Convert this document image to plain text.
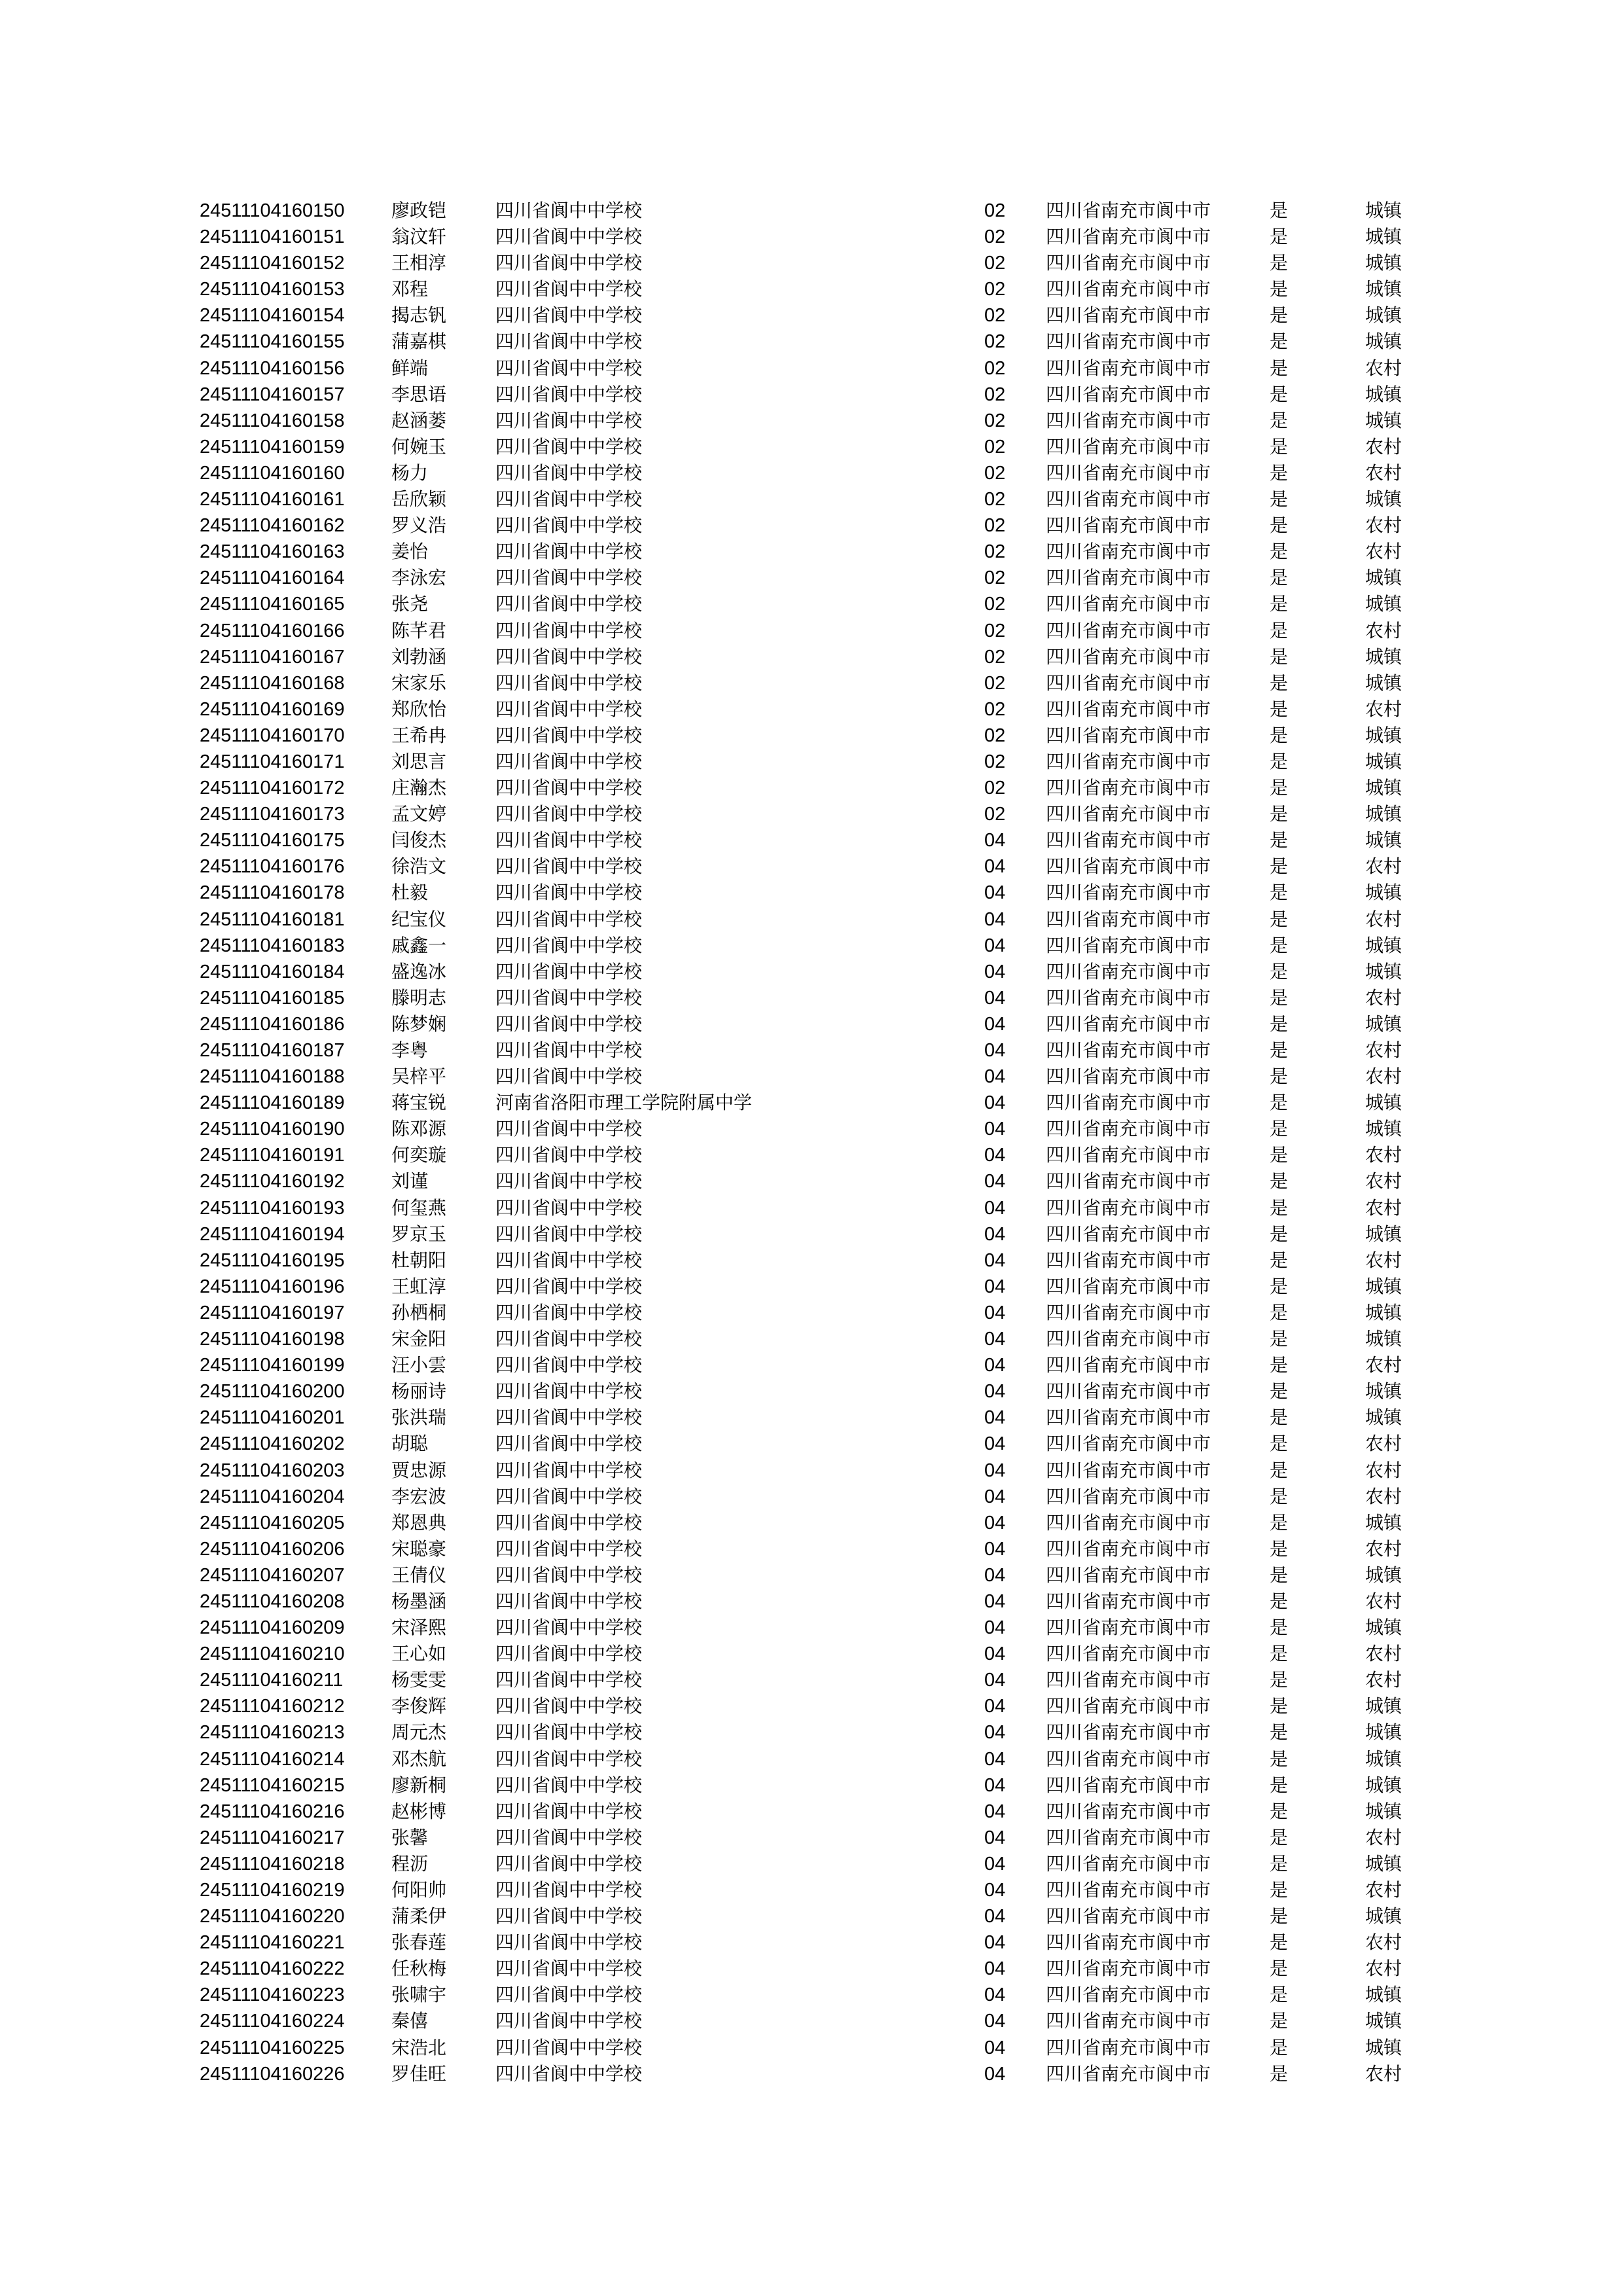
24511104160150	廖政铠	四川省阆中中学校	02 四川省南充市阆中市	是	城镇
24511104160151	翁汶轩	四川省阆中中学校	02 四川省南充市阆中市	是	城镇
24511104160152	王相淳	四川省阆中中学校	02 四川省南充市阆中市	是	城镇
24511104160153	邓程	四川省阆中中学校	02 四川省南充市阆中市	是	城镇
24511104160154	揭志钒	四川省阆中中学校	02 四川省南充市阆中市	是	城镇
24511104160155	蒲嘉棋	四川省阆中中学校	02 四川省南充市阆中市	是	城镇
24511104160156	鲜端	四川省阆中中学校	02 四川省南充市阆中市	是	农村
24511104160157	李思语	四川省阆中中学校	02 四川省南充市阆中市	是	城镇
24511104160158	赵涵蒌	四川省阆中中学校	02 四川省南充市阆中市	是	城镇
24511104160159	何婉玉	四川省阆中中学校	02 四川省南充市阆中市	是	农村
24511104160160	杨力	四川省阆中中学校	02 四川省南充市阆中市	是	农村
24511104160161	岳欣颖	四川省阆中中学校	02 四川省南充市阆中市	是	城镇
24511104160162	罗义浩	四川省阆中中学校	02 四川省南充市阆中市	是	农村
24511104160163	姜怡	四川省阆中中学校	02 四川省南充市阆中市	是	农村
24511104160164	李泳宏	四川省阆中中学校	02 四川省南充市阆中市	是	城镇
24511104160165	张尧	四川省阆中中学校	02 四川省南充市阆中市	是	城镇
24511104160166	陈芊君	四川省阆中中学校	02 四川省南充市阆中市	是	农村
24511104160167	刘勃涵	四川省阆中中学校	02 四川省南充市阆中市	是	城镇
24511104160168	宋家乐	四川省阆中中学校	02 四川省南充市阆中市	是	城镇
24511104160169	郑欣怡	四川省阆中中学校	02 四川省南充市阆中市	是	农村
24511104160170	王希冉	四川省阆中中学校	02 四川省南充市阆中市	是	城镇
24511104160171	刘思言	四川省阆中中学校	02 四川省南充市阆中市	是	城镇
24511104160172	庄瀚杰	四川省阆中中学校	02 四川省南充市阆中市	是	城镇
24511104160173	孟文婷	四川省阆中中学校	02 四川省南充市阆中市	是	城镇
24511104160175	闫俊杰	四川省阆中中学校	04 四川省南充市阆中市	是	城镇
24511104160176	徐浩文	四川省阆中中学校	04 四川省南充市阆中市	是	农村
24511104160178	杜毅	四川省阆中中学校	04 四川省南充市阆中市	是	城镇
24511104160181	纪宝仪	四川省阆中中学校	04 四川省南充市阆中市	是	农村
24511104160183	戚鑫一	四川省阆中中学校	04 四川省南充市阆中市	是	城镇
24511104160184	盛逸冰	四川省阆中中学校	04 四川省南充市阆中市	是	城镇
24511104160185	滕明志	四川省阆中中学校	04 四川省南充市阆中市	是	农村
24511104160186	陈梦娴	四川省阆中中学校	04 四川省南充市阆中市	是	城镇
24511104160187	李粤	四川省阆中中学校	04 四川省南充市阆中市	是	农村
24511104160188	吴梓平	四川省阆中中学校	04 四川省南充市阆中市	是	农村
24511104160189	蒋宝锐	河南省洛阳市理工学院附属中学	04 四川省南充市阆中市	是	城镇
24511104160190	陈邓源	四川省阆中中学校	04 四川省南充市阆中市	是	城镇
24511104160191	何奕璇	四川省阆中中学校	04 四川省南充市阆中市	是	农村
24511104160192	刘谨	四川省阆中中学校	04 四川省南充市阆中市	是	农村
24511104160193	何玺燕	四川省阆中中学校	04 四川省南充市阆中市	是	农村
24511104160194	罗京玉	四川省阆中中学校	04 四川省南充市阆中市	是	城镇
24511104160195	杜朝阳	四川省阆中中学校	04 四川省南充市阆中市	是	农村
24511104160196	王虹淳	四川省阆中中学校	04 四川省南充市阆中市	是	城镇
24511104160197	孙栖桐	四川省阆中中学校	04 四川省南充市阆中市	是	城镇
24511104160198	宋金阳	四川省阆中中学校	04 四川省南充市阆中市	是	城镇
24511104160199	汪小雲	四川省阆中中学校	04 四川省南充市阆中市	是	农村
24511104160200	杨丽诗	四川省阆中中学校	04 四川省南充市阆中市	是	城镇
24511104160201	张洪瑞	四川省阆中中学校	04 四川省南充市阆中市	是	城镇
24511104160202	胡聪	四川省阆中中学校	04 四川省南充市阆中市	是	农村
24511104160203	贾忠源	四川省阆中中学校	04 四川省南充市阆中市	是	农村
24511104160204	李宏波	四川省阆中中学校	04 四川省南充市阆中市	是	农村
24511104160205	郑恩典	四川省阆中中学校	04 四川省南充市阆中市	是	城镇
24511104160206	宋聪豪	四川省阆中中学校	04 四川省南充市阆中市	是	农村
24511104160207	王倩仪	四川省阆中中学校	04 四川省南充市阆中市	是	城镇
24511104160208	杨墨涵	四川省阆中中学校	04 四川省南充市阆中市	是	农村
24511104160209	宋泽熙	四川省阆中中学校	04 四川省南充市阆中市	是	城镇
24511104160210	王心如	四川省阆中中学校	04 四川省南充市阆中市	是	农村
24511104160211	杨雯雯	四川省阆中中学校	04 四川省南充市阆中市	是	农村
24511104160212	李俊辉	四川省阆中中学校	04 四川省南充市阆中市	是	城镇
24511104160213	周元杰	四川省阆中中学校	04 四川省南充市阆中市	是	城镇
24511104160214	邓杰航	四川省阆中中学校	04 四川省南充市阆中市	是	城镇
24511104160215	廖新桐	四川省阆中中学校	04 四川省南充市阆中市	是	城镇
24511104160216	赵彬博	四川省阆中中学校	04 四川省南充市阆中市	是	城镇
24511104160217	张馨	四川省阆中中学校	04 四川省南充市阆中市	是	农村
24511104160218	程沥	四川省阆中中学校	04 四川省南充市阆中市	是	城镇
24511104160219	何阳帅	四川省阆中中学校	04 四川省南充市阆中市	是	农村
24511104160220	蒲柔伊	四川省阆中中学校	04 四川省南充市阆中市	是	城镇
24511104160221	张春莲	四川省阆中中学校	04 四川省南充市阆中市	是	农村
24511104160222	任秋梅	四川省阆中中学校	04 四川省南充市阆中市	是	农村
24511104160223	张啸宇	四川省阆中中学校	04 四川省南充市阆中市	是	城镇
24511104160224	秦僖	四川省阆中中学校	04 四川省南充市阆中市	是	城镇
24511104160225	宋浩北	四川省阆中中学校	04 四川省南充市阆中市	是	城镇
24511104160226	罗佳旺	四川省阆中中学校	04 四川省南充市阆中市	是	农村
